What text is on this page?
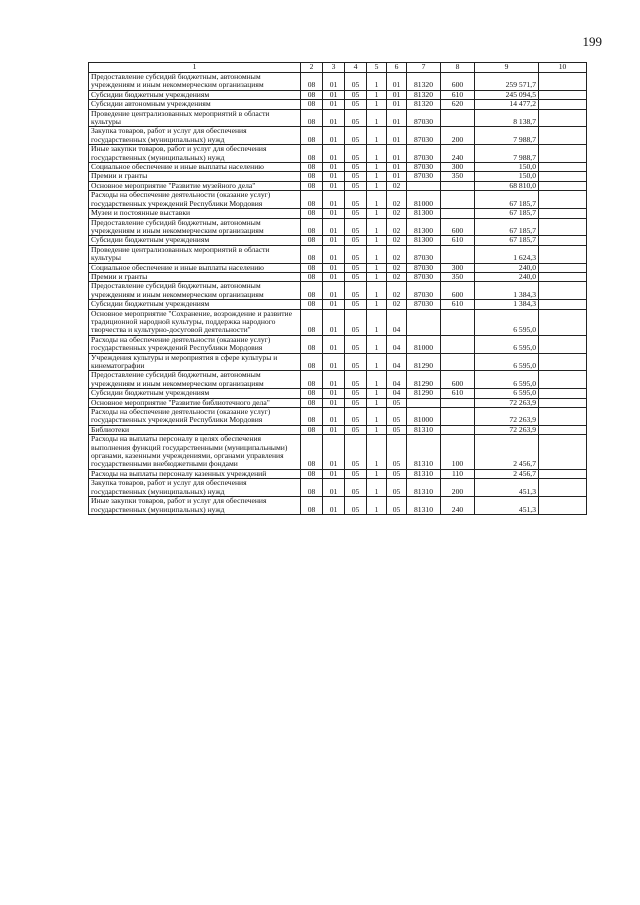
199
1	2	3	4	5	6	7	8	9	10
Предоставление субсидий бюджетным, автономным учреждениям и иным некоммерческим организациям	08	01	05	1	01	81320	600	259 571,7	
Субсидии бюджетным учреждениям	08	01	05	1	01	81320	610	245 094,5	
Субсидии автономным учреждениям	08	01	05	1	01	81320	620	14 477,2	
Проведение централизованных мероприятий в области культуры	08	01	05	1	01	87030		8 138,7	
Закупка товаров, работ и услуг для обеспечения государственных (муниципальных) нужд	08	01	05	1	01	87030	200	7 988,7	
Иные закупки товаров, работ и услуг для обеспечения государственных (муниципальных) нужд	08	01	05	1	01	87030	240	7 988,7	
Социальное обеспечение и иные выплаты населению	08	01	05	1	01	87030	300	150,0	
Премии и гранты	08	01	05	1	01	87030	350	150,0	
Основное мероприятие "Развитие музейного дела"	08	01	05	1	02			68 810,0	
Расходы на обеспечение деятельности (оказание услуг) государственных учреждений Республики Мордовия	08	01	05	1	02	81000		67 185,7	
Музеи и постоянные выставки	08	01	05	1	02	81300		67 185,7	
Предоставление субсидий бюджетным, автономным учреждениям и иным некоммерческим организациям	08	01	05	1	02	81300	600	67 185,7	
Субсидии бюджетным учреждениям	08	01	05	1	02	81300	610	67 185,7	
Проведение централизованных мероприятий в области культуры	08	01	05	1	02	87030		1 624,3	
Социальное обеспечение и иные выплаты населению	08	01	05	1	02	87030	300	240,0	
Премии и гранты	08	01	05	1	02	87030	350	240,0	
Предоставление субсидий бюджетным, автономным учреждениям и иным некоммерческим организациям	08	01	05	1	02	87030	600	1 384,3	
Субсидии бюджетным учреждениям	08	01	05	1	02	87030	610	1 384,3	
Основное мероприятие "Сохранение, возрождение и развитие традиционной народной культуры, поддержка народного творчества и культурно-досуговой деятельности"	08	01	05	1	04			6 595,0	
Расходы на обеспечение деятельности (оказание услуг) государственных учреждений Республики Мордовия	08	01	05	1	04	81000		6 595,0	
Учреждения культуры и мероприятия в сфере культуры и кинематографии	08	01	05	1	04	81290		6 595,0	
Предоставление субсидий бюджетным, автономным учреждениям и иным некоммерческим организациям	08	01	05	1	04	81290	600	6 595,0	
Субсидии бюджетным учреждениям	08	01	05	1	04	81290	610	6 595,0	
Основное мероприятие "Развитие библиотечного дела"	08	01	05	1	05			72 263,9	
Расходы на обеспечение деятельности (оказание услуг) государственных учреждений Республики Мордовия	08	01	05	1	05	81000		72 263,9	
Библиотеки	08	01	05	1	05	81310		72 263,9	
Расходы на выплаты персоналу в целях обеспечения выполнения функций государственными (муниципальными) органами, казенными учреждениями, органами управления государственными внебюджетными фондами	08	01	05	1	05	81310	100	2 456,7	
Расходы на выплаты персоналу казенных учреждений	08	01	05	1	05	81310	110	2 456,7	
Закупка товаров, работ и услуг для обеспечения государственных (муниципальных) нужд	08	01	05	1	05	81310	200	451,3	
Иные закупки товаров, работ и услуг для обеспечения государственных (муниципальных) нужд	08	01	05	1	05	81310	240	451,3	
